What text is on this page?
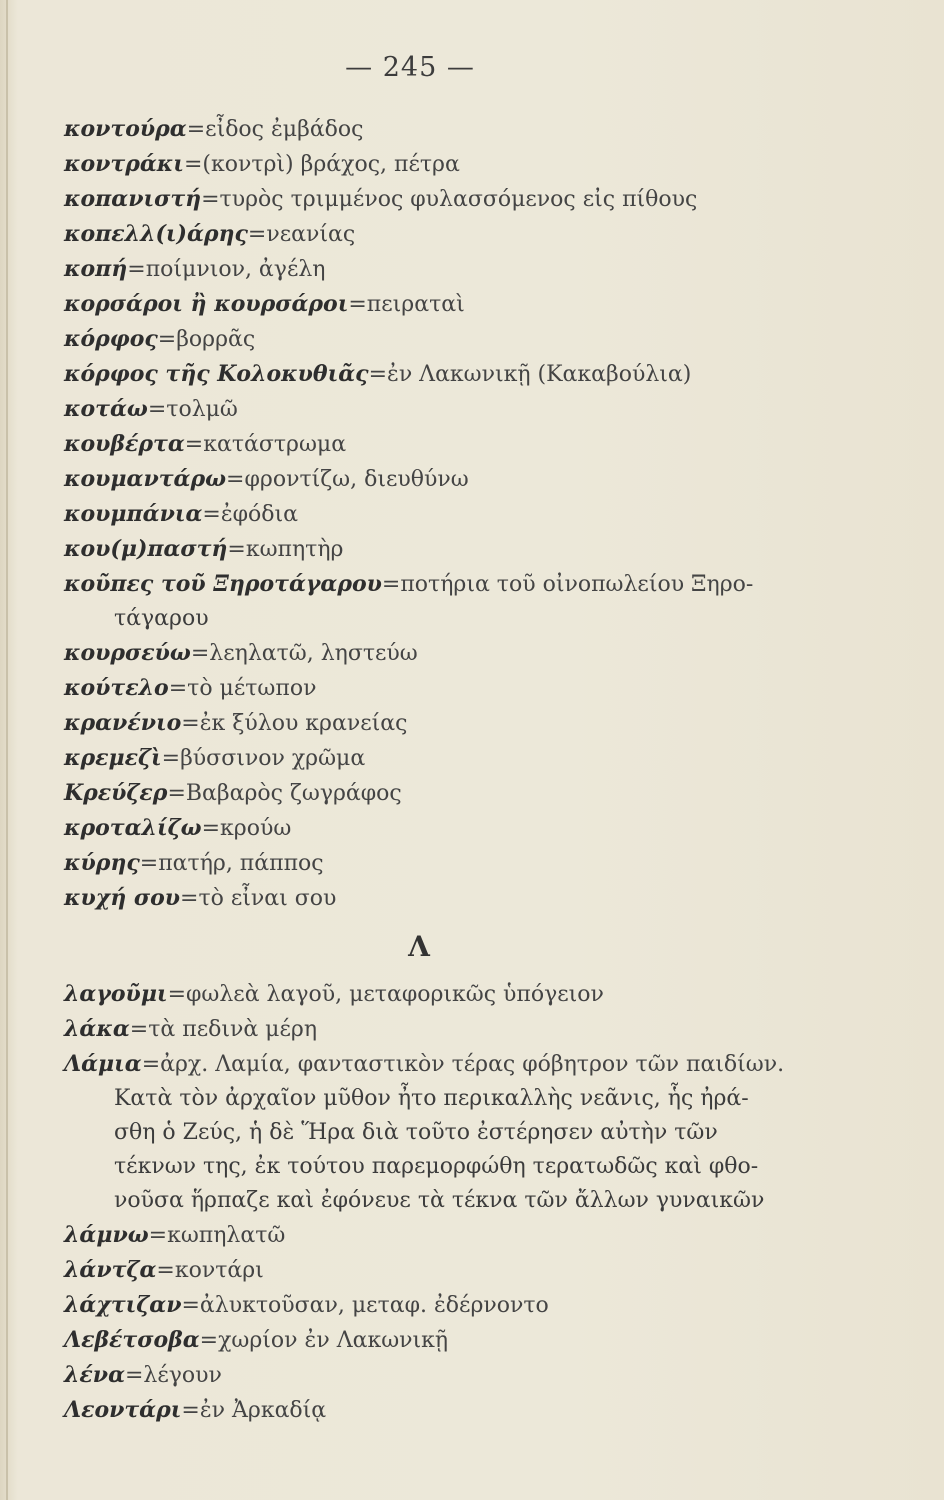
— 245 —
κοντούρα=εἶδος ἐμβάδος
κοντράκι=(κοντρὶ) βράχος, πέτρα
κοπανιστή=τυρὸς τριμμένος φυλασσόμενος εἰς πίθους
κοπελλ(ι)άρης=νεανίας
κοπή=ποίμνιον, ἀγέλη
κορσάροι ἢ κουρσάροι=πειραταὶ
κόρφος=βορρᾶς
κόρφος τῆς Κολοκυθιᾶς=ἐν Λακωνικῇ (Κακαβούλια)
κοτάω=τολμῶ
κουβέρτα=κατάστρωμα
κουμαντάρω=φροντίζω, διευθύνω
κουμπάνια=ἐφόδια
κου(μ)παστή=κωπητὴρ
κοῦπες τοῦ Ξηροτάγαρου=ποτήρια τοῦ οἰνοπωλείου Ξηρο-
τάγαρου
κουρσεύω=λεηλατῶ, ληστεύω
κούτελο=τὸ μέτωπον
κρανένιο=ἐκ ξύλου κρανείας
κρεμεζὶ=βύσσινον χρῶμα
Κρεύζερ=Βαβαρὸς ζωγράφος
κροταλίζω=κρούω
κύρης=πατήρ, πάππος
κυχή σου=τὸ εἶναι σου
Λ
λαγοῦμι=φωλεὰ λαγοῦ, μεταφορικῶς ὑπόγειον
λάκα=τὰ πεδινὰ μέρη
Λάμια=ἀρχ. Λαμία, φανταστικὸν τέρας φόβητρον τῶν παιδίων.
Κατὰ τὸν ἀρχαῖον μῦθον ἦτο περικαλλὴς νεᾶνις, ἧς ἠρά-
σθη ὁ Ζεύς, ἡ δὲ Ἥρα διὰ τοῦτο ἐστέρησεν αὐτὴν τῶν
τέκνων της, ἐκ τούτου παρεμορφώθη τερατωδῶς καὶ φθο-
νοῦσα ἥρπαζε καὶ ἐφόνευε τὰ τέκνα τῶν ἄλλων γυναικῶν
λάμνω=κωπηλατῶ
λάντζα=κοντάρι
λάχτιζαν=ἀλυκτοῦσαν, μεταφ. ἐδέρνοντο
Λεβέτσοβα=χωρίον ἐν Λακωνικῇ
λένα=λέγουν
Λεοντάρι=ἐν Ἀρκαδίᾳ
